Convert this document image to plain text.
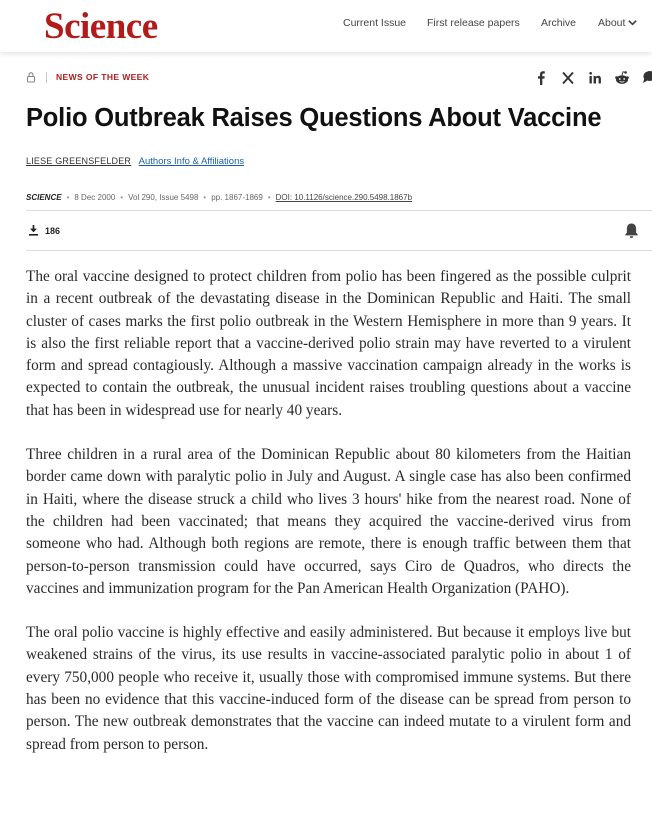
Science	Current Issue First release papers Archive About
NEWS OF THE WEEK
Polio Outbreak Raises Questions About Vaccine
LIESE GREENSFELDER Authors Info & Affiliations
SCIENCE • 8 Dec 2000 • Vol 290, Issue 5498 • pp. 1867-1869 • DOI: 10.1126/science.290.5498.1867b
186

The oral vaccine designed to protect children from polio has been fingered as the possible culprit in a recent outbreak of the devastating disease in the Dominican Republic and Haiti. The small cluster of cases marks the first polio outbreak in the Western Hemisphere in more than 9 years. It is also the first reliable report that a vaccine-derived polio strain may have reverted to a virulent form and spread contagiously. Although a massive vaccination campaign already in the works is expected to contain the outbreak, the unusual incident raises troubling questions about a vaccine that has been in widespread use for nearly 40 years.

Three children in a rural area of the Dominican Republic about 80 kilometers from the Haitian border came down with paralytic polio in July and August. A single case has also been confirmed in Haiti, where the disease struck a child who lives 3 hours' hike from the nearest road. None of the children had been vaccinated; that means they acquired the vaccine-derived virus from someone who had. Although both regions are remote, there is enough traffic between them that person-to-person transmission could have occurred, says Ciro de Quadros, who directs the vaccines and immunization program for the Pan American Health Organization (PAHO).

The oral polio vaccine is highly effective and easily administered. But because it employs live but weakened strains of the virus, its use results in vaccine-associated paralytic polio in about 1 of every 750,000 people who receive it, usually those with compromised immune systems. But there has been no evidence that this vaccine-induced form of the disease can be spread from person to person. The new outbreak demonstrates that the vaccine can indeed mutate to a virulent form and spread from person to person.
